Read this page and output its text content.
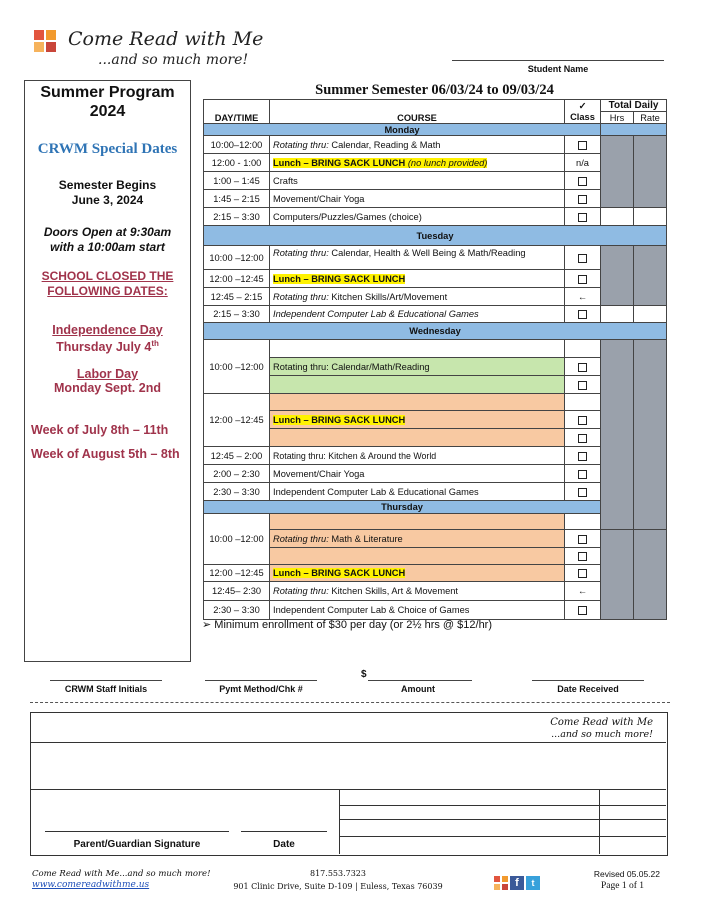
Come Read with Me
...and so much more!
Student Name
Summer Program
2024
CRWM Special Dates
Semester Begins
June 3, 2024
Doors Open at 9:30am
with a 10:00am start
SCHOOL CLOSED THE
FOLLOWING DATES:
Independence Day
Thursday July 4th
Labor Day
Monday Sept. 2nd
Week of July 8th – 11th
Week of August 5th – 8th
Summer Semester 06/03/24 to 09/03/24
DAY/TIME	COURSE	✓
Class	Total Daily		
			Hrs	Rate	
Monday					
10:00–12:00	Rotating thru: Calendar, Reading & Math				
12:00 - 1:00	Lunch – BRING SACK LUNCH (no lunch provided)	n/a			
1:00 – 1:45	Crafts				
1:45 – 2:15	Movement/Chair Yoga				
2:15 – 3:30	Computers/Puzzles/Games (choice)				
Tuesday					
10:00 –12:00	Rotating thru: Calendar, Health & Well Being & Math/Reading				
12:00 –12:45	Lunch – BRING SACK LUNCH				
12:45 – 2:15	Rotating thru: Kitchen Skills/Art/Movement	←			
2:15 – 3:30	Independent Computer Lab & Educational Games				
Wednesday					
10:00 –12:00					
	Rotating thru: Calendar/Math/Reading				

12:00 –12:45					
	Lunch – BRING SACK LUNCH				

12:45 – 2:00	Rotating thru: Kitchen & Around the World				
2:00 – 2:30	Movement/Chair Yoga				
2:30 – 3:30	Independent Computer Lab & Educational Games				
Thursday					
10:00 –12:00					
	Rotating thru: Math & Literature				

12:00 –12:45	Lunch – BRING SACK LUNCH				
12:45– 2:30	Rotating thru: Kitchen Skills, Art & Movement	←			
2:30 – 3:30	Independent Computer Lab & Choice of Games				
➢ Minimum enrollment of $30 per day (or 2½ hrs @ $12/hr)
CRWM Staff Initials	Pymt Method/Chk #
$
Amount	Date Received
Come Read with Me
...and so much more!
Parent/Guardian Signature	Date
Come Read with Me...and so much more!
www.comereadwithme.us
817.553.7323
901 Clinic Drive, Suite D-109 | Euless, Texas 76039	f	t
Revised 05.05.22
Page 1 of 1
